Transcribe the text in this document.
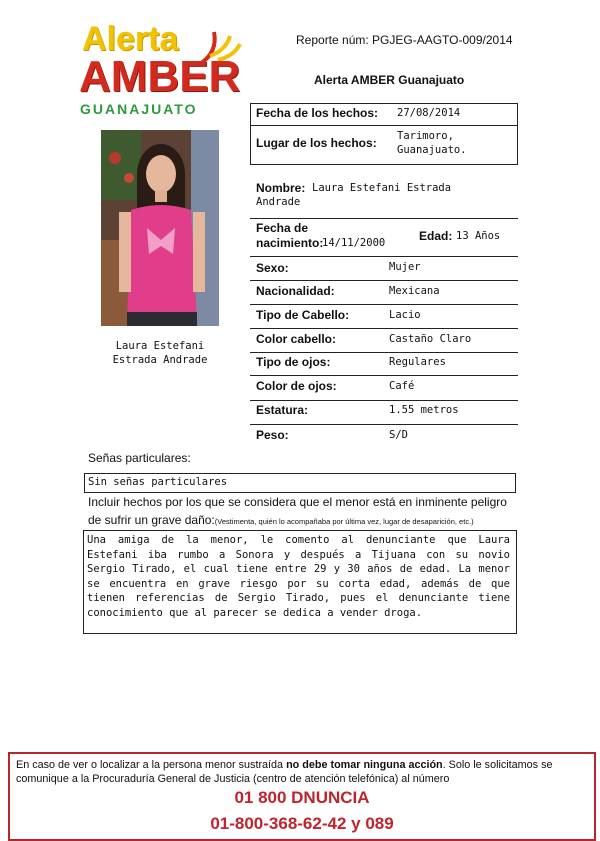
Alerta
AMBER
GUANAJUATO
Reporte núm: PGJEG-AAGTO-009/2014
Alerta AMBER Guanajuato
Fecha de los hechos: 27/08/2014
Lugar de los hechos: Tarimoro,
Guanajuato.
Laura Estefani
Estrada Andrade
Nombre: Laura Estefani Estrada
Andrade
Fecha de
nacimiento:
14/11/2000	Edad: 13 Años
Sexo:	Mujer
Nacionalidad:	Mexicana
Tipo de Cabello:	Lacio
Color cabello:	Castaño Claro
Tipo de ojos:	Regulares
Color de ojos:	Café
Estatura:	1.55 metros
Peso:	S/D
Señas particulares:
Sin señas particulares
Incluir hechos por los que se considera que el menor está en inminente peligro
de sufrir un grave daño:(Vestimenta, quién lo acompañaba por última vez, lugar de desaparición, etc.)
Una amiga de la menor, le comento al denunciante que Laura Estefani iba rumbo a Sonora y después a Tijuana con su novio Sergio Tirado, el cual tiene entre 29 y 30 años de edad. La menor se encuentra en grave riesgo por su corta edad, además de que tienen referencias de Sergio Tirado, pues el denunciante tiene conocimiento que al parecer se dedica a vender droga.
En caso de ver o localizar a la persona menor sustraída no debe tomar ninguna acción. Solo le solicitamos se comunique a la Procuraduría General de Justicia (centro de atención telefónica) al número
01 800 DNUNCIA
01-800-368-62-42 y 089
